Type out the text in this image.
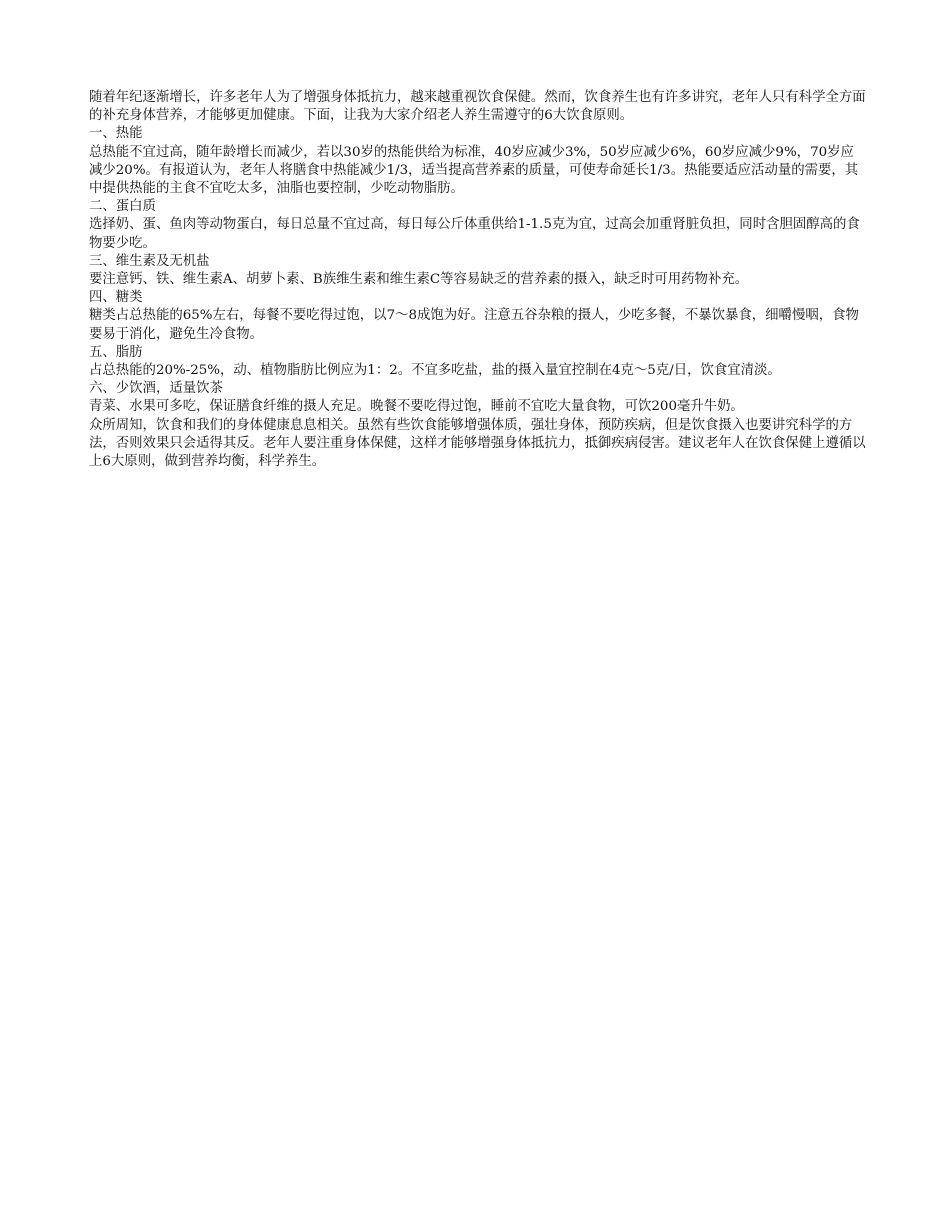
随着年纪逐渐增长，许多老年人为了增强身体抵抗力，越来越重视饮食保健。然而，饮食养生也有许多讲究，老年人只有科学全方面的补充身体营养，才能够更加健康。下面，让我为大家介绍老人养生需遵守的6大饮食原则。

一、热能

总热能不宜过高，随年龄增长而减少，若以30岁的热能供给为标准，40岁应减少3%，50岁应减少6%，60岁应减少9%，70岁应减少20%。有报道认为，老年人将膳食中热能减少1/3，适当提高营养素的质量，可使寿命延长1/3。热能要适应活动量的需要，其中提供热能的主食不宜吃太多，油脂也要控制，少吃动物脂肪。

二、蛋白质

选择奶、蛋、鱼肉等动物蛋白，每日总量不宜过高，每日每公斤体重供给1-1.5克为宜，过高会加重肾脏负担，同时含胆固醇高的食物要少吃。

三、维生素及无机盐

要注意钙、铁、维生素A、胡萝卜素、B族维生素和维生素C等容易缺乏的营养素的摄入，缺乏时可用药物补充。

四、糖类

糖类占总热能的65%左右，每餐不要吃得过饱，以7～8成饱为好。注意五谷杂粮的摄人，少吃多餐，不暴饮暴食，细嚼慢咽，食物要易于消化，避免生冷食物。

五、脂肪

占总热能的20%-25%，动、植物脂肪比例应为1：2。不宜多吃盐，盐的摄入量宜控制在4克～5克/日，饮食宜清淡。

六、少饮酒，适量饮茶

青菜、水果可多吃，保证膳食纤维的摄人充足。晚餐不要吃得过饱，睡前不宜吃大量食物，可饮200毫升牛奶。

众所周知，饮食和我们的身体健康息息相关。虽然有些饮食能够增强体质，强壮身体，预防疾病，但是饮食摄入也要讲究科学的方法，否则效果只会适得其反。老年人要注重身体保健，这样才能够增强身体抵抗力，抵御疾病侵害。建议老年人在饮食保健上遵循以上6大原则，做到营养均衡，科学养生。
